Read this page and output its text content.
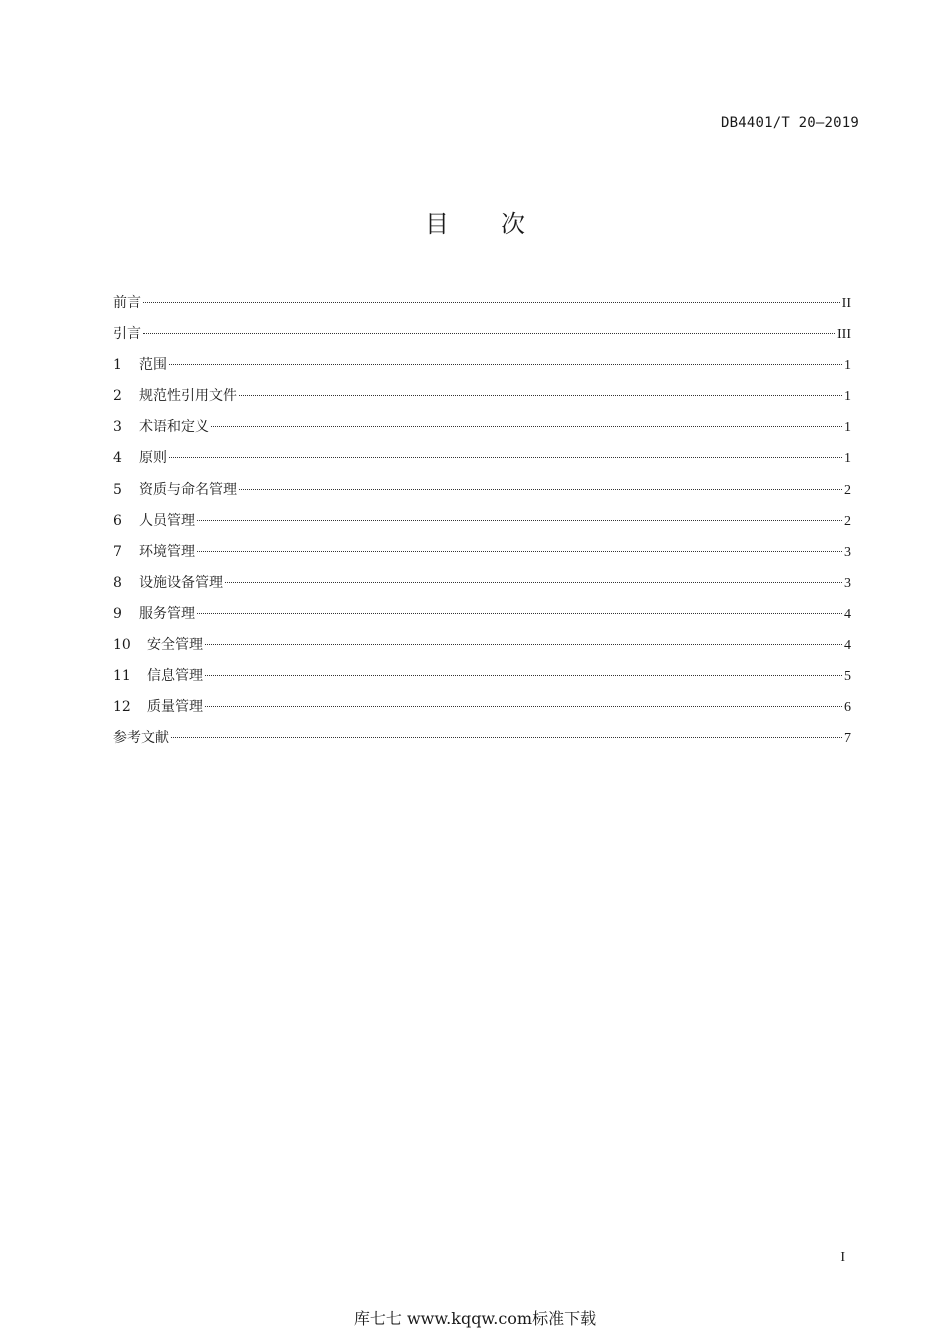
DB4401/T 20—2019
目次
前言	II
引言	III
1	范围	1
2	规范性引用文件	1
3	术语和定义	1
4	原则	1
5	资质与命名管理	2
6	人员管理	2
7	环境管理	3
8	设施设备管理	3
9	服务管理	4
10	安全管理	4
11	信息管理	5
12	质量管理	6
参考文献	7
I
库七七 www.kqqw.com标准下载
